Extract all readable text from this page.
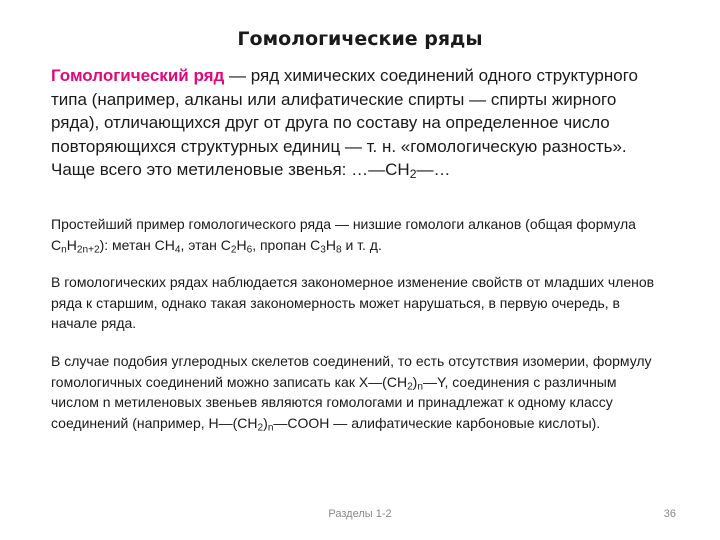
Гомологические ряды
Гомологический ряд — ряд химических соединений одного структурного типа (например, алканы или алифатические спирты — спирты жирного ряда), отличающихся друг от друга по составу на определенное число повторяющихся структурных единиц — т. н. «гомологическую разность». Чаще всего это метиленовые звенья: $\dots—CH_2—\dots$
Простейший пример гомологического ряда — низшие гомологи алканов (общая формула $C_nH_{2n+2}$): метан $CH_4$, этан $C_2H_6$, пропан $C_3H_8$ и т. д.
В гомологических рядах наблюдается закономерное изменение свойств от младших членов ряда к старшим, однако такая закономерность может нарушаться, в первую очередь, в начале ряда.
В случае подобия углеродных скелетов соединений, то есть отсутствия изомерии, формулу гомологичных соединений можно записать как $X—(CH_2)_n—Y$, соединения с различным числом n метиленовых звеньев являются гомологами и принадлежат к одному классу соединений (например, $H—(CH_2)_n—COOH$ — алифатические карбоновые кислоты).
Разделы 1-2	36
